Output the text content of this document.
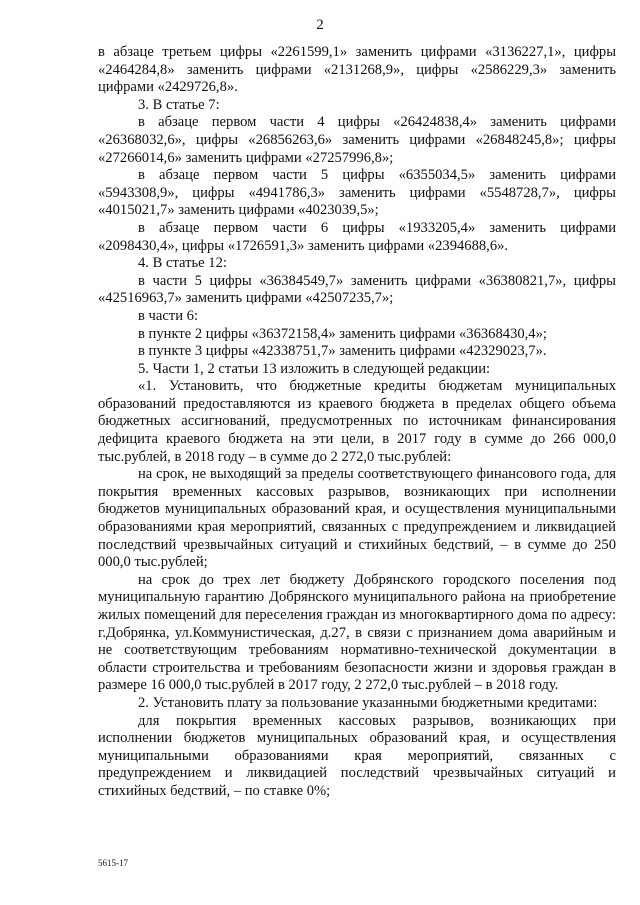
2

в абзаце третьем цифры «2261599,1» заменить цифрами «3136227,1», цифры «2464284,8» заменить цифрами «2131268,9», цифры «2586229,3» заменить цифрами «2429726,8».

3. В статье 7:

в абзаце первом части 4 цифры «26424838,4» заменить цифрами «26368032,6», цифры «26856263,6» заменить цифрами «26848245,8»; цифры «27266014,6» заменить цифрами «27257996,8»;

в абзаце первом части 5 цифры «6355034,5» заменить цифрами «5943308,9», цифры «4941786,3» заменить цифрами «5548728,7», цифры «4015021,7» заменить цифрами «4023039,5»;

в абзаце первом части 6 цифры «1933205,4» заменить цифрами «2098430,4», цифры «1726591,3» заменить цифрами «2394688,6».

4. В статье 12:

в части 5 цифры «36384549,7» заменить цифрами «36380821,7», цифры «42516963,7» заменить цифрами «42507235,7»;

в части 6:

в пункте 2 цифры «36372158,4» заменить цифрами «36368430,4»;

в пункте 3 цифры «42338751,7» заменить цифрами «42329023,7».

5. Части 1, 2 статьи 13 изложить в следующей редакции:

«1. Установить, что бюджетные кредиты бюджетам муниципальных образований предоставляются из краевого бюджета в пределах общего объема бюджетных ассигнований, предусмотренных по источникам финансирования дефицита краевого бюджета на эти цели, в 2017 году в сумме до 266 000,0 тыс.рублей, в 2018 году – в сумме до 2 272,0 тыс.рублей:

на срок, не выходящий за пределы соответствующего финансового года, для покрытия временных кассовых разрывов, возникающих при исполнении бюджетов муниципальных образований края, и осуществления муниципальными образованиями края мероприятий, связанных с предупреждением и ликвидацией последствий чрезвычайных ситуаций и стихийных бедствий, – в сумме до 250 000,0 тыс.рублей;

на срок до трех лет бюджету Добрянского городского поселения под муниципальную гарантию Добрянского муниципального района на приобретение жилых помещений для переселения граждан из многоквартирного дома по адресу: г.Добрянка, ул.Коммунистическая, д.27, в связи с признанием дома аварийным и не соответствующим требованиям нормативно-технической документации в области строительства и требованиям безопасности жизни и здоровья граждан в размере 16 000,0 тыс.рублей в 2017 году, 2 272,0 тыс.рублей – в 2018 году.

2. Установить плату за пользование указанными бюджетными кредитами:

для покрытия временных кассовых разрывов, возникающих при исполнении бюджетов муниципальных образований края, и осуществления муниципальными образованиями края мероприятий, связанных с предупреждением и ликвидацией последствий чрезвычайных ситуаций и стихийных бедствий, – по ставке 0%;

5615-17
